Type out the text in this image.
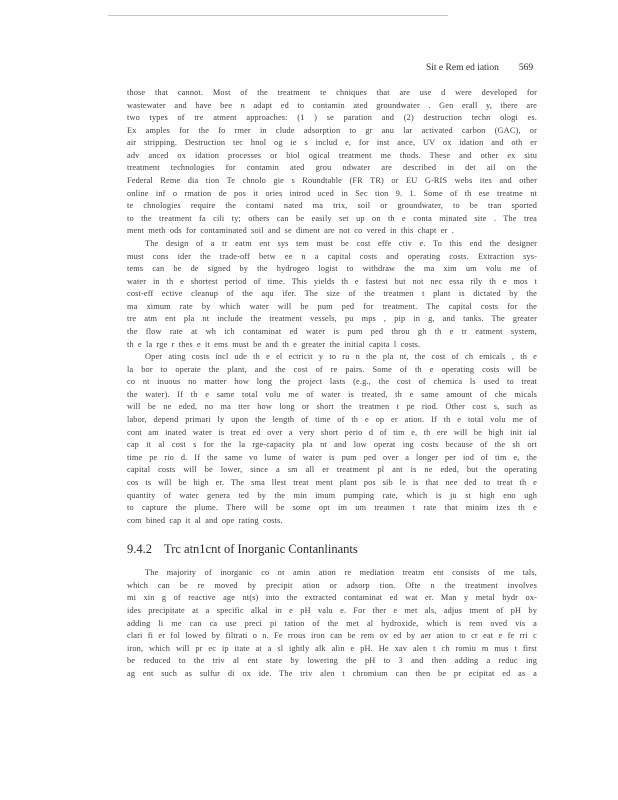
Sit e Rem ed iation 569

those that cannot. Most of the treatment te chniques that are use d were developed for

wastewater and have bee n adapt ed to contamin ated groundwater . Gen erall y, there are

two types of tre atment approaches: (1 ) se paration and (2) destruction techn ologi es.

Ex amples for the fo rmer in clude adsorption to gr anu lar activated carbon (GAC), or

air stripping. Destruction tec hnol og ie s includ e, for inst ance, UV ox idation and oth er

adv anced ox idation processes or biol ogical treatment me thods. These and other ex situ

treatment technologies for contamin ated grou ndwater are described in det ail on the

Federal Reme dia tion Te chnolo gie s Roundtable (FR TR) or EU G-RIS webs ites and other

online inf o rmation de pos it ories introd uced in Sec tion 9. 1. Some of th ese treatme nt

te chnologies require the contami nated ma trix, soil or groundwater, to be tran sported

to the treatment fa cili ty; others can be easily set up on th e conta minated site . The trea

ment meth ods for contaminated soil and se diment are not co vered in this chapt er .

The design of a tr eatm ent sys tem must be cost effe ctiv e. To this end the designer

must cons ider the trade-off betw ee n a capital costs and operating costs. Extraction sys-

tems can be de signed by the hydrogeo logist to withdraw the ma xim um volu me of

water in th e shortest period of time. This yields th e fastest but not nec essa rily th e mos t

cost-eff ective cleanup of the aqu ifer. The size of the treatmen t plant is dictated by the

ma ximum rate by which water will be pum ped for treatment. The capital costs for the

tre atm ent pla nt include the treatment vessels, pu mps , pip in g, and tanks. The greater

the flow rate at wh ich contaminat ed water is pum ped throu gh th e tr eatment system,

th e la rge r thes e it ems must be and th e greater the initial capita l costs.

Oper ating costs incl ude th e el ectricit y to ru n the pla nt, the cost of ch emicals , th e

la bor to operate the plant, and the cost of re pairs. Some of th e operating costs will be

co nt inuous no matter how long the project lasts (e.g., the cost of chemica ls used to treat

the water). If th e same total volu me of water is treated, th e same amount of che micals

will be ne eded, no ma tter how long or short the treatmen t pe riod. Other cost s, such as

labor, depend primari ly upon the length of time of th e op er ation. If th e total volu me of

cont am inated water is treat ed over a very short perio d of tim e, th ere will be high init ial

cap it al cost s for the la rge-capacity pla nt and low operat ing costs because of the sh ort

time pe rio d. If the same vo lume of water is pum ped over a longer per iod of tim e, the

capital costs will be lower, since a sm all er treatment pl ant is ne eded, but the operating

cos ts will be high er. The sma llest treat ment plant pos sib le is that nee ded to treat th e

quantity of water genera ted by the min imum pumping rate, which is ju st high eno ugh

to capture the plume. There will be some opt im um treatmen t rate that minim izes th e

com bined cap it al and ope rating costs.

9.4.2 Trc atn1cnt of Inorganic Contanlinants

The majority of inorganic co nt amin ation re mediation treatm ent consists of me tals,

which can be re moved by precipit ation or adsorp tion. Ofte n the treatment involves

mi xin g of reactive age nt(s) into the extracted contaminat ed wat er. Man y metal hydr ox-

ides precipitate at a specific alkal in e pH valu e. For ther e met als, adjus tment of pH by

adding li me can ca use preci pi tation of the met al hydroxide, which is rem oved vis a

clari fi er fol lowed by filtrati o n. Fe rrous iron can be rem ov ed by aer ation to cr eat e fe rri c

iron, which will pr ec ip itate at a sl ightly alk alin e pH. He xav alen t ch romiu m mus t first

be reduced to the triv al ent state by lowering the pH to 3 and then adding a reduc ing

ag ent such as sulfur di ox ide. The triv alen t chromium can then be pr ecipitat ed as a
